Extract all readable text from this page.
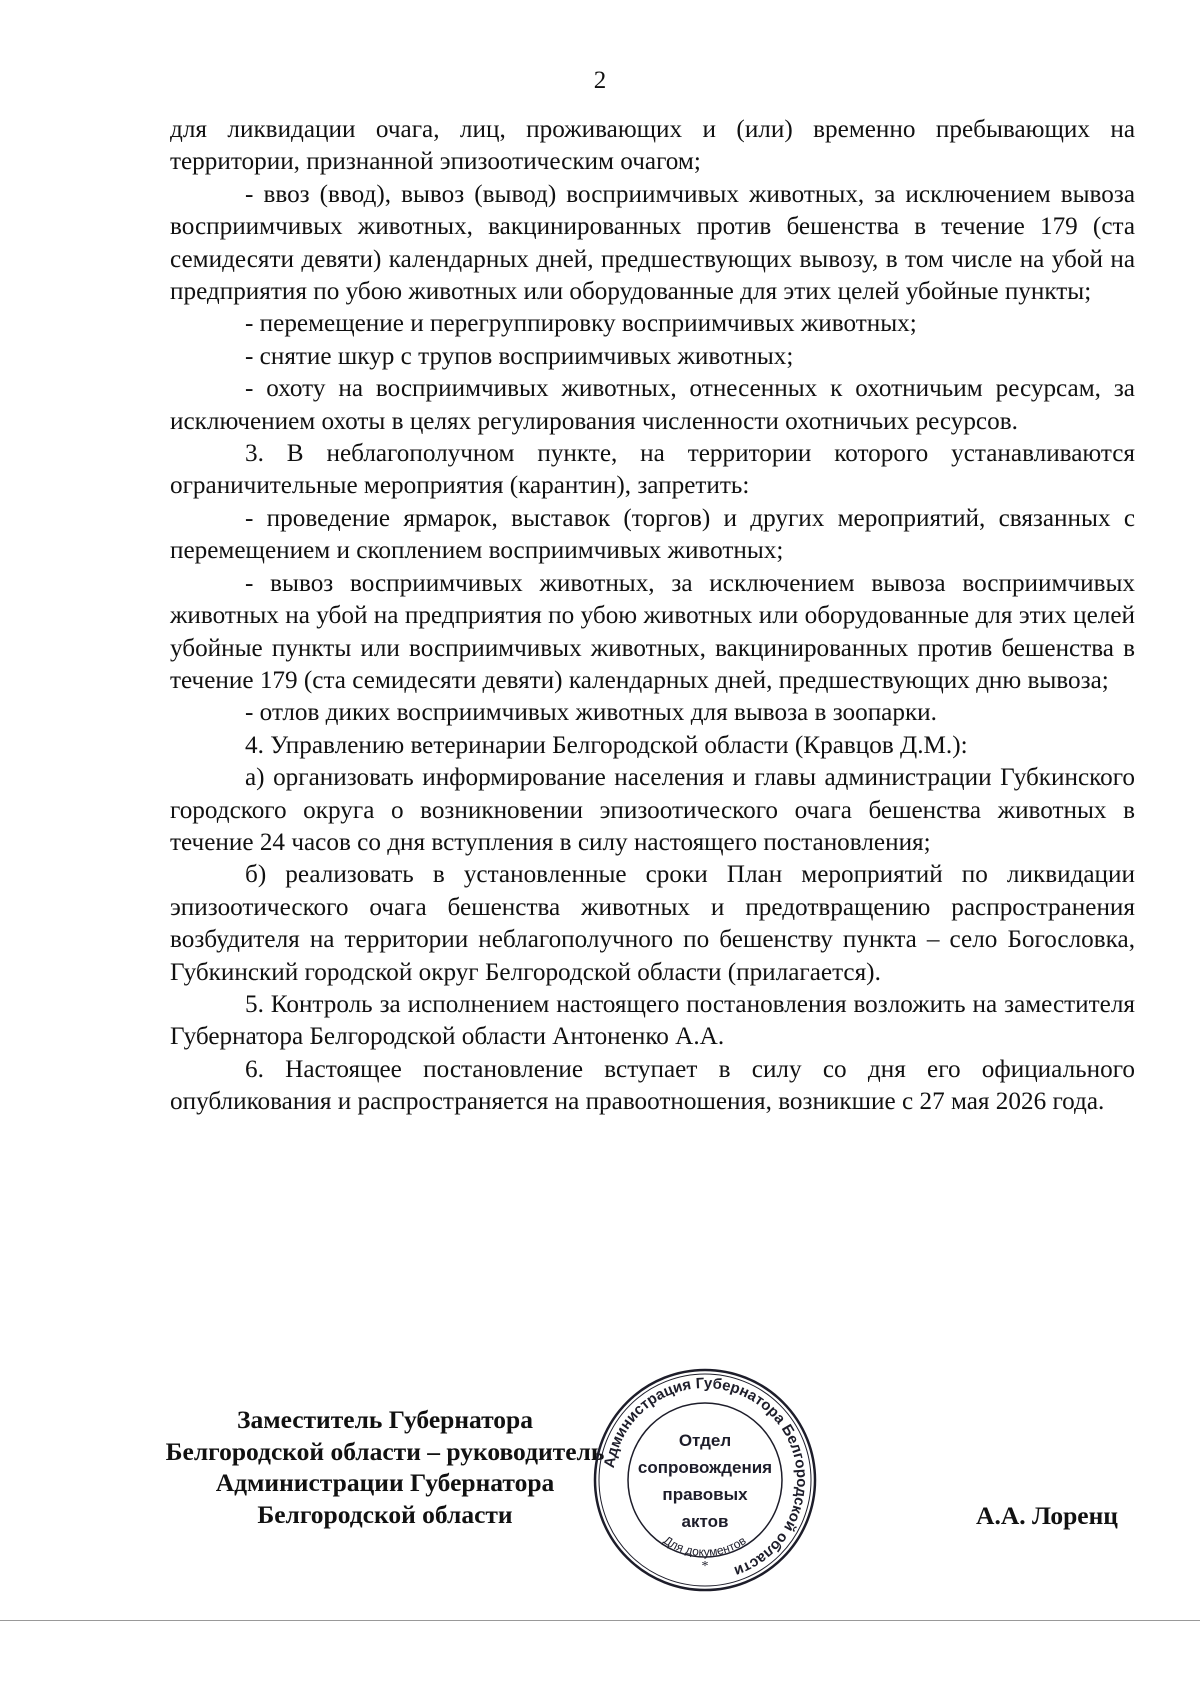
2

для ликвидации очага, лиц, проживающих и (или) временно пребывающих на территории, признанной эпизоотическим очагом;

- ввоз (ввод), вывоз (вывод) восприимчивых животных, за исключением вывоза восприимчивых животных, вакцинированных против бешенства в течение 179 (ста семидесяти девяти) календарных дней, предшествующих вывозу, в том числе на убой на предприятия по убою животных или оборудованные для этих целей убойные пункты;

- перемещение и перегруппировку восприимчивых животных;

- снятие шкур с трупов восприимчивых животных;

- охоту на восприимчивых животных, отнесенных к охотничьим ресурсам, за исключением охоты в целях регулирования численности охотничьих ресурсов.

3. В неблагополучном пункте, на территории которого устанавливаются ограничительные мероприятия (карантин), запретить:

- проведение ярмарок, выставок (торгов) и других мероприятий, связанных с перемещением и скоплением восприимчивых животных;

- вывоз восприимчивых животных, за исключением вывоза восприимчивых животных на убой на предприятия по убою животных или оборудованные для этих целей убойные пункты или восприимчивых животных, вакцинированных против бешенства в течение 179 (ста семидесяти девяти) календарных дней, предшествующих дню вывоза;

- отлов диких восприимчивых животных для вывоза в зоопарки.

4. Управлению ветеринарии Белгородской области (Кравцов Д.М.):

а) организовать информирование населения и главы администрации Губкинского городского округа о возникновении эпизоотического очага бешенства животных в течение 24 часов со дня вступления в силу настоящего постановления;

б) реализовать в установленные сроки План мероприятий по ликвидации эпизоотического очага бешенства животных и предотвращению распространения возбудителя на территории неблагополучного по бешенству пункта – село Богословка, Губкинский городской округ Белгородской области (прилагается).

5. Контроль за исполнением настоящего постановления возложить на заместителя Губернатора Белгородской области Антоненко А.А.

6. Настоящее постановление вступает в силу со дня его официального опубликования и распространяется на правоотношения, возникшие с 27 мая 2026 года.

Заместитель Губернатора
Белгородской области – руководитель
Администрации Губернатора
Белгородской области
Администрация Губернатора Белгородской области
Для документов
*
Отдел
сопровождения
правовых
актов	А.А. Лоренц
